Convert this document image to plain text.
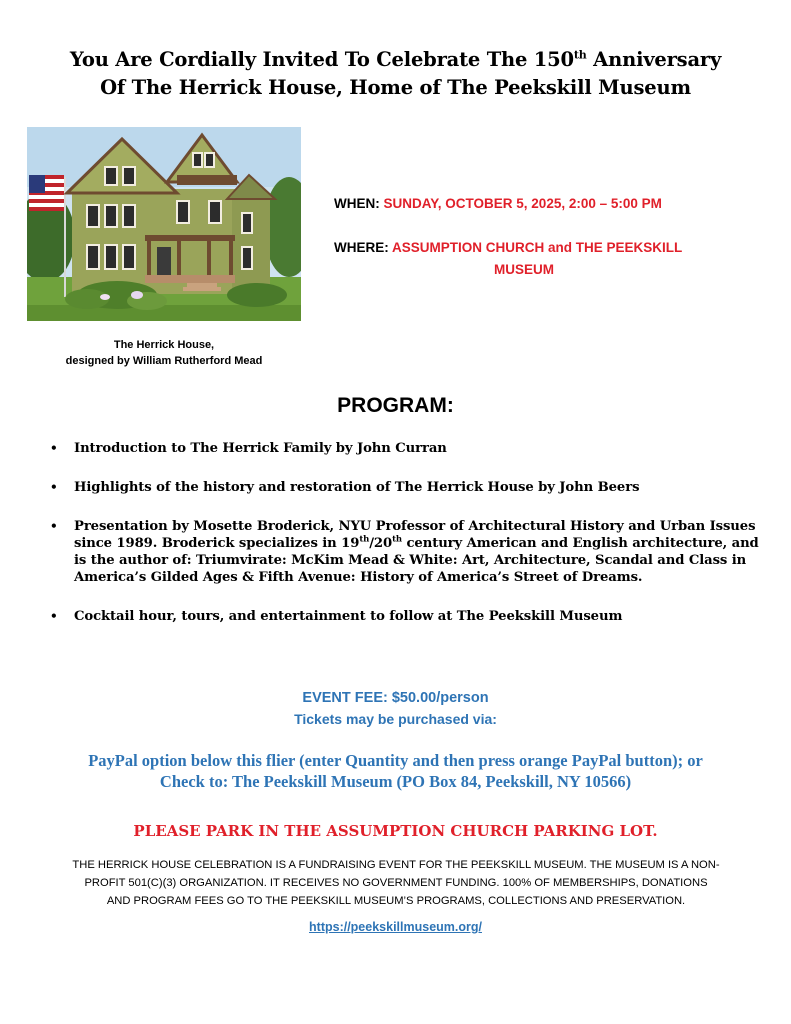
You Are Cordially Invited To Celebrate The 150th Anniversary
Of The Herrick House, Home of The Peekskill Museum
The Herrick House,
designed by William Rutherford Mead
WHEN: SUNDAY, OCTOBER 5, 2025, 2:00 – 5:00 PM
WHERE: ASSUMPTION CHURCH and THE PEEKSKILL
MUSEUM
PROGRAM:
• Introduction to The Herrick Family by John Curran
• Highlights of the history and restoration of The Herrick House by John Beers
• Presentation by Mosette Broderick, NYU Professor of Architectural History and Urban Issues since 1989. Broderick specializes in 19th/20th century American and English architecture, and is the author of: Triumvirate: McKim Mead & White: Art, Architecture, Scandal and Class in America’s Gilded Ages & Fifth Avenue: History of America’s Street of Dreams.
• Cocktail hour, tours, and entertainment to follow at The Peekskill Museum
EVENT FEE: $50.00/person
Tickets may be purchased via:
PayPal option below this flier (enter Quantity and then press orange PayPal button); or
Check to: The Peekskill Museum (PO Box 84, Peekskill, NY 10566)
PLEASE PARK IN THE ASSUMPTION CHURCH PARKING LOT.
THE HERRICK HOUSE CELEBRATION IS A FUNDRAISING EVENT FOR THE PEEKSKILL MUSEUM. THE MUSEUM IS A NON-
PROFIT 501(C)(3) ORGANIZATION. IT RECEIVES NO GOVERNMENT FUNDING. 100% OF MEMBERSHIPS, DONATIONS
AND PROGRAM FEES GO TO THE PEEKSKILL MUSEUM’S PROGRAMS, COLLECTIONS AND PRESERVATION.
https://peekskillmuseum.org/
